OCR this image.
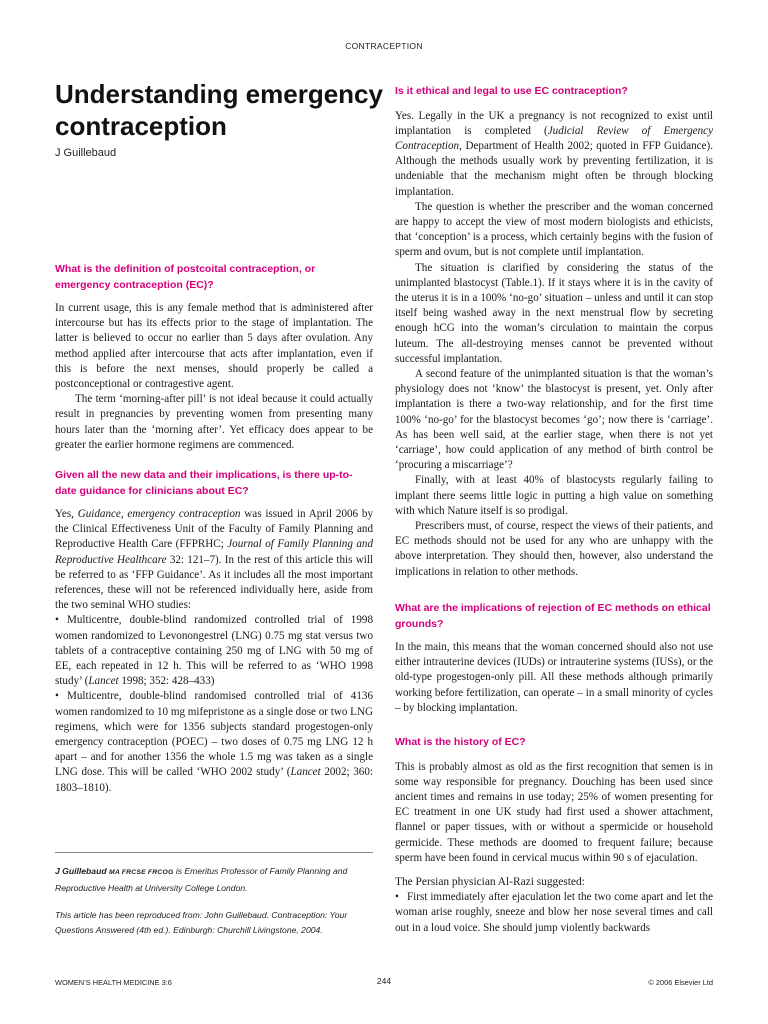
CONTRACEPTION
Understanding emergency
contraception
J Guillebaud
What is the definition of postcoital contraception, or emergency contraception (EC)?

In current usage, this is any female method that is administered after intercourse but has its effects prior to the stage of implantation. The latter is believed to occur no earlier than 5 days after ovulation. Any method applied after intercourse that acts after implantation, even if this is before the next menses, should properly be called a postconceptional or contragestive agent.

The term ‘morning-after pill’ is not ideal because it could actually result in pregnancies by preventing women from presenting many hours later than the ‘morning after’. Yet efficacy does appear to be greater the earlier hormone regimens are commenced.

Given all the new data and their implications, is there up-to-date guidance for clinicians about EC?

Yes, Guidance, emergency contraception was issued in April 2006 by the Clinical Effectiveness Unit of the Faculty of Family Planning and Reproductive Health Care (FFPRHC; Journal of Family Planning and Reproductive Healthcare 32: 121–7). In the rest of this article this will be referred to as ‘FFP Guidance’. As it includes all the most important references, these will not be referenced individually here, aside from the two seminal WHO studies:

• Multicentre, double-blind randomized controlled trial of 1998 women randomized to Levonongestrel (LNG) 0.75 mg stat versus two tablets of a contraceptive containing 250 mg of LNG with 50 mg of EE, each repeated in 12 h. This will be referred to as ‘WHO 1998 study’ (Lancet 1998; 352: 428–433)

• Multicentre, double-blind randomised controlled trial of 4136 women randomized to 10 mg mifepristone as a single dose or two LNG regimens, which were for 1356 subjects standard progestogen-only emergency contraception (POEC) – two doses of 0.75 mg LNG 12 h apart – and for another 1356 the whole 1.5 mg was taken as a single LNG dose. This will be called ‘WHO 2002 study’ (Lancet 2002; 360: 1803–1810).

J Guillebaud MA FRCSE FRCOG is Emeritus Professor of Family Planning and Reproductive Health at University College London.

This article has been reproduced from: John Guillebaud. Contraception: Your Questions Answered (4th ed.). Edinburgh: Churchill Livingstone, 2004.

Is it ethical and legal to use EC contraception?

Yes. Legally in the UK a pregnancy is not recognized to exist until implantation is completed (Judicial Review of Emergency Contraception, Department of Health 2002; quoted in FFP Guidance). Although the methods usually work by preventing fertilization, it is undeniable that the mechanism might often be through blocking implantation.

The question is whether the prescriber and the woman concerned are happy to accept the view of most modern biologists and ethicists, that ‘conception’ is a process, which certainly begins with the fusion of sperm and ovum, but is not complete until implantation.

The situation is clarified by considering the status of the unimplanted blastocyst (Table.1). If it stays where it is in the cavity of the uterus it is in a 100% ‘no-go’ situation – unless and until it can stop itself being washed away in the next menstrual flow by secreting enough hCG into the woman’s circulation to maintain the corpus luteum. The all-destroying menses cannot be prevented without successful implantation.

A second feature of the unimplanted situation is that the woman’s physiology does not ‘know’ the blastocyst is present, yet. Only after implantation is there a two-way relationship, and for the first time 100% ‘no-go’ for the blastocyst becomes ‘go’; now there is ‘carriage’. As has been well said, at the earlier stage, when there is not yet ‘carriage’, how could application of any method of birth control be ‘procuring a miscarriage’?

Finally, with at least 40% of blastocysts regularly failing to implant there seems little logic in putting a high value on something with which Nature itself is so prodigal.

Prescribers must, of course, respect the views of their patients, and EC methods should not be used for any who are unhappy with the above interpretation. They should then, however, also understand the implications in relation to other methods.

What are the implications of rejection of EC methods on ethical grounds?

In the main, this means that the woman concerned should also not use either intrauterine devices (IUDs) or intrauterine systems (IUSs), or the old-type progestogen-only pill. All these methods although primarily working before fertilization, can operate – in a small minority of cycles – by blocking implantation.

What is the history of EC?

This is probably almost as old as the first recognition that semen is in some way responsible for pregnancy. Douching has been used since ancient times and remains in use today; 25% of women presenting for EC treatment in one UK study had first used a shower attachment, flannel or paper tissues, with or without a spermicide or household germicide. These methods are doomed to frequent failure; because sperm have been found in cervical mucus within 90 s of ejaculation.

The Persian physician Al-Razi suggested:

• First immediately after ejaculation let the two come apart and let the woman arise roughly, sneeze and blow her nose several times and call out in a loud voice. She should jump violently backwards

WOMEN’S HEALTH MEDICINE 3:6	244	© 2006 Elsevier Ltd
